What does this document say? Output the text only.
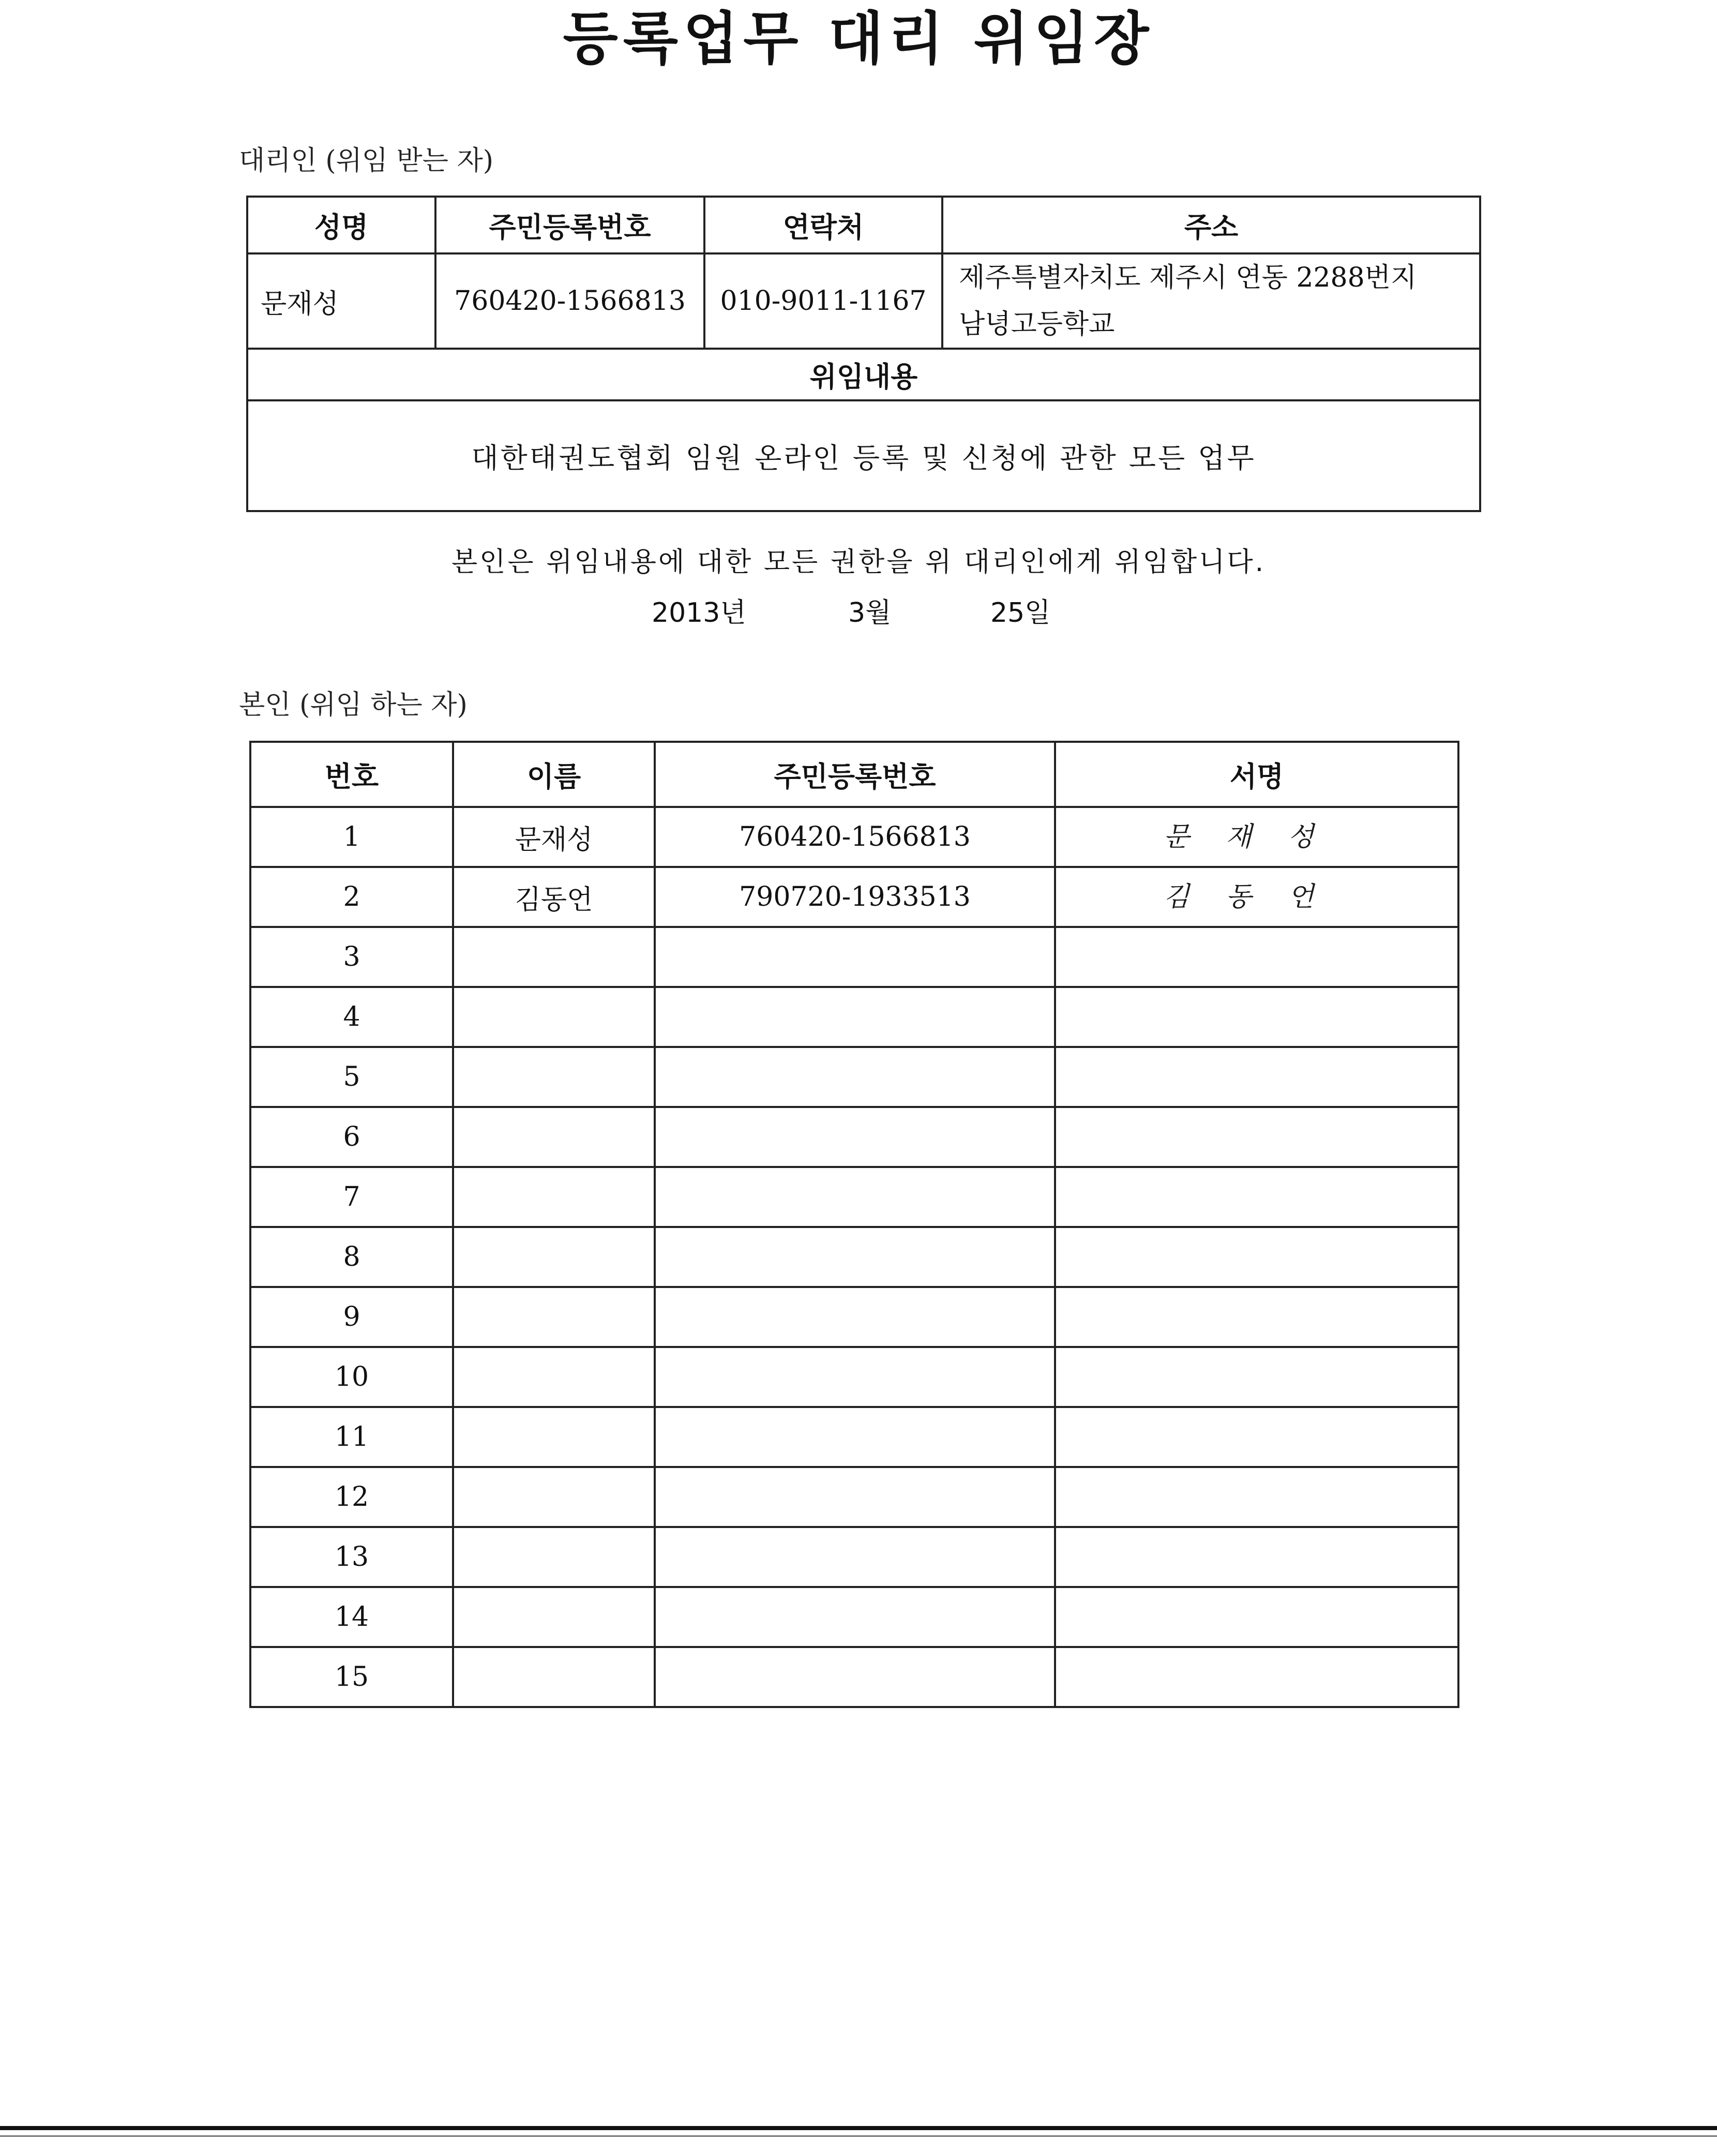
등록업무 대리 위임장
대리인 (위임 받는 자)
성명	주민등록번호	연락처	주소
문재성	760420-1566813	010-9011-1167	제주특별자치도 제주시 연동 2288번지
남녕고등학교

위임내용			
대한태권도협회 임원 온라인 등록 및 신청에 관한 모든 업무			
본인은 위임내용에 대한 모든 권한을 위 대리인에게 위임합니다.
2013년	3월	25일
본인 (위임 하는 자)
번호	이름	주민등록번호	서명
1	문재성	760420-1566813	문재성
2	김동언	790720-1933513	김동언
3			
4			
5			
6			
7			
8			
9			
10			
11			
12			
13			
14			
15			
